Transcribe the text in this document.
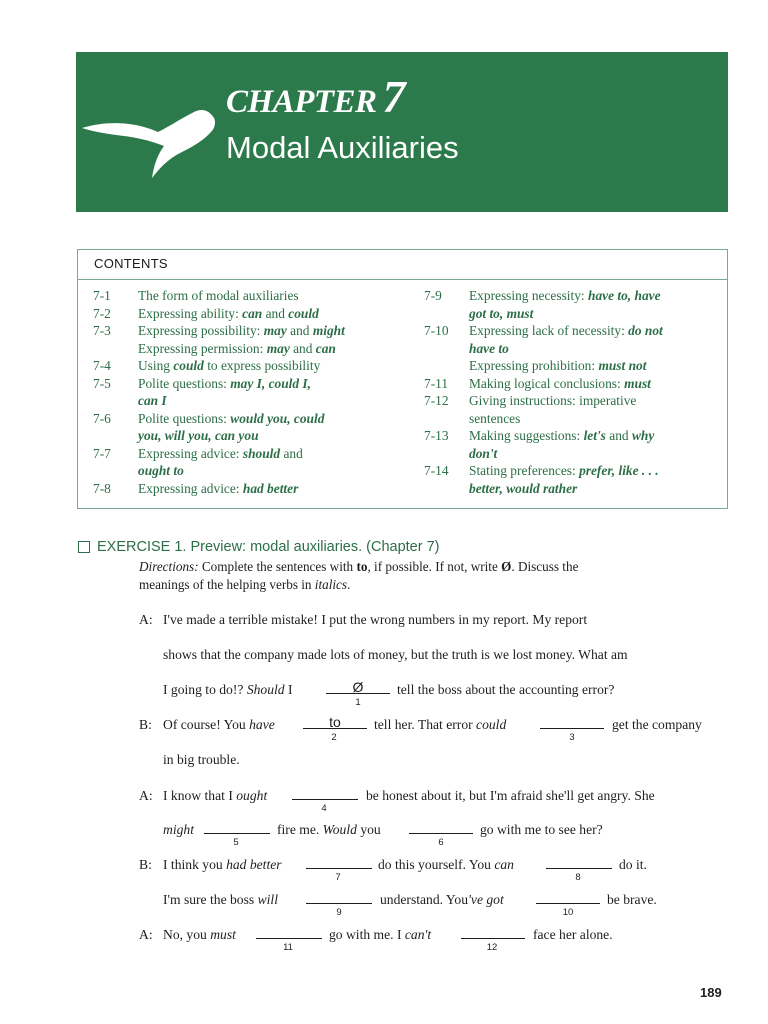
CHAPTER 7
Modal Auxiliaries
CONTENTS
7-1	The form of modal auxiliaries
7-2	Expressing ability: can and could
7-3	Expressing possibility: may and might
Expressing permission: may and can
7-4	Using could to express possibility
7-5	Polite questions: may I, could I,
can I
7-6	Polite questions: would you, could
you, will you, can you
7-7	Expressing advice: should and
ought to
7-8	Expressing advice: had better
7-9	Expressing necessity: have to, have
got to, must
7-10	Expressing lack of necessity: do not
have to
Expressing prohibition: must not
7-11	Making logical conclusions: must
7-12	Giving instructions: imperative
sentences
7-13	Making suggestions: let's and why
don't
7-14	Stating preferences: prefer, like . . .
better, would rather
EXERCISE 1. Preview: modal auxiliaries. (Chapter 7)
Directions: Complete the sentences with to, if possible. If not, write Ø. Discuss the
meanings of the helping verbs in italics.
A: I've made a terrible mistake! I put the wrong numbers in my report. My report
shows that the company made lots of money, but the truth is we lost money. What am
I going to do!? Should I	Ø
1
tell the boss about the accounting error?
B: Of course! You have	to
2
tell her. That error could
3
get the company
in big trouble.
A: I know that I ought
4
be honest about it, but I'm afraid she'll get angry. She
might
5
fire me. Would you
6
go with me to see her?
B: I think you had better
7
do this yourself. You can
8
do it.
I'm sure the boss will
9
understand. You've got
10
be brave.
A: No, you must
11
go with me. I can't
12
face her alone.
189
